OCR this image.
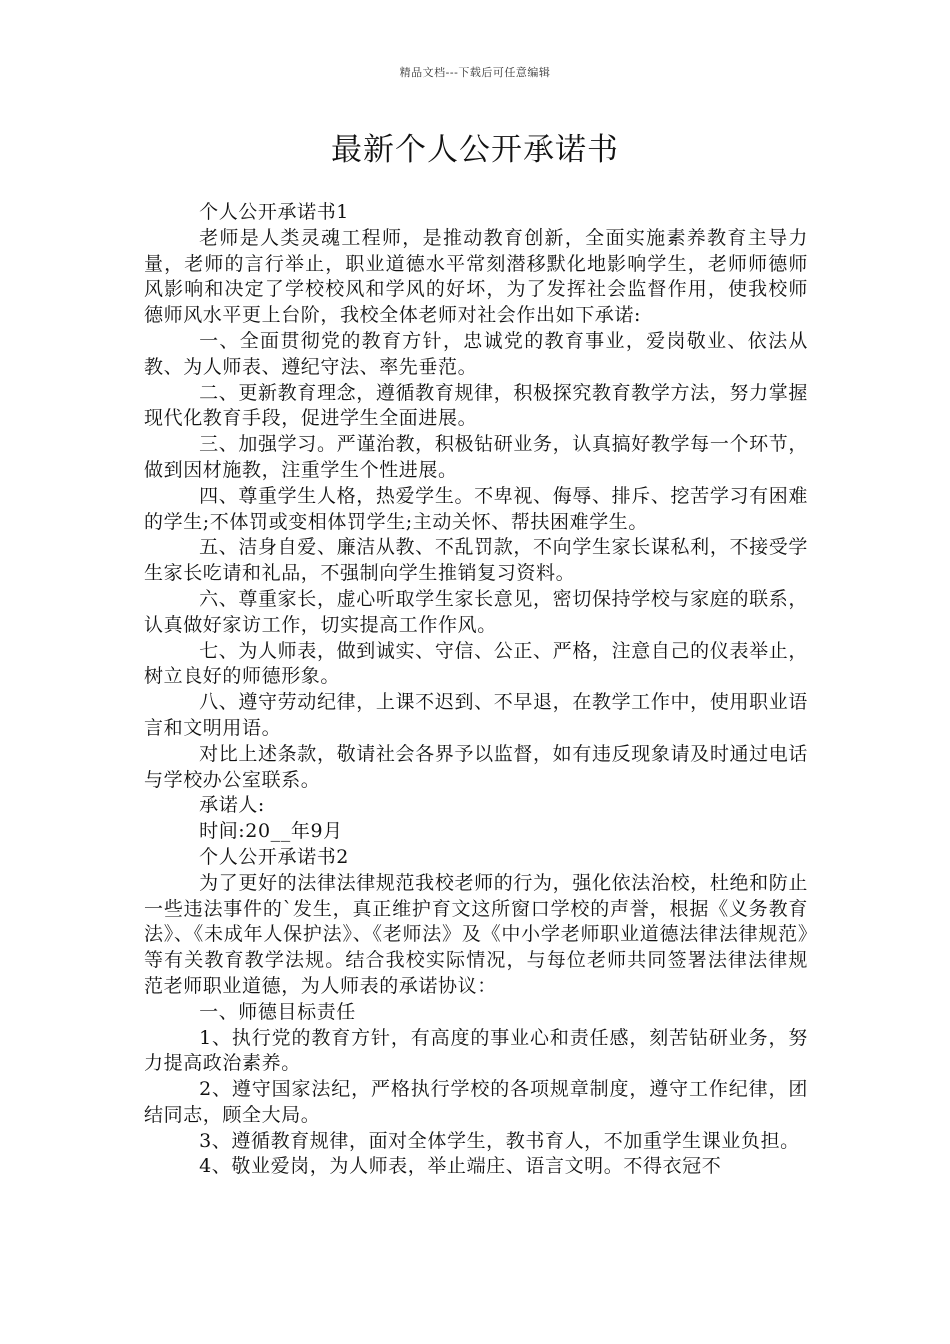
精品文档---下载后可任意编辑
最新个人公开承诺书

个人公开承诺书1

老师是人类灵魂工程师，是推动教育创新，全面实施素养教育主导力量，老师的言行举止，职业道德水平常刻潜移默化地影响学生，老师师德师风影响和决定了学校校风和学风的好坏，为了发挥社会监督作用，使我校师德师风水平更上台阶，我校全体老师对社会作出如下承诺:

一、全面贯彻党的教育方针，忠诚党的教育事业，爱岗敬业、依法从教、为人师表、遵纪守法、率先垂范。

二、更新教育理念，遵循教育规律，积极探究教育教学方法，努力掌握现代化教育手段，促进学生全面进展。

三、加强学习。严谨治教，积极钻研业务，认真搞好教学每一个环节，做到因材施教，注重学生个性进展。

四、尊重学生人格，热爱学生。不卑视、侮辱、排斥、挖苦学习有困难的学生;不体罚或变相体罚学生;主动关怀、帮扶困难学生。

五、洁身自爱、廉洁从教、不乱罚款，不向学生家长谋私利，不接受学生家长吃请和礼品，不强制向学生推销复习资料。

六、尊重家长，虚心听取学生家长意见，密切保持学校与家庭的联系，认真做好家访工作，切实提高工作作风。

七、为人师表，做到诚实、守信、公正、严格，注意自己的仪表举止，树立良好的师德形象。

八、遵守劳动纪律，上课不迟到、不早退，在教学工作中，使用职业语言和文明用语。

对比上述条款，敬请社会各界予以监督，如有违反现象请及时通过电话与学校办公室联系。

承诺人:

时间:20__年9月

个人公开承诺书2

为了更好的法律法律规范我校老师的行为，强化依法治校，杜绝和防止一些违法事件的`发生，真正维护育文这所窗口学校的声誉，根据《义务教育法》、《未成年人保护法》、《老师法》及《中小学老师职业道德法律法律规范》等有关教育教学法规。结合我校实际情况，与每位老师共同签署法律法律规范老师职业道德，为人师表的承诺协议：

一、师德目标责任

1、执行党的教育方针，有高度的事业心和责任感，刻苦钻研业务，努力提高政治素养。

2、遵守国家法纪，严格执行学校的各项规章制度，遵守工作纪律，团结同志，顾全大局。

3、遵循教育规律，面对全体学生，教书育人，不加重学生课业负担。

4、敬业爱岗，为人师表，举止端庄、语言文明。不得衣冠不
